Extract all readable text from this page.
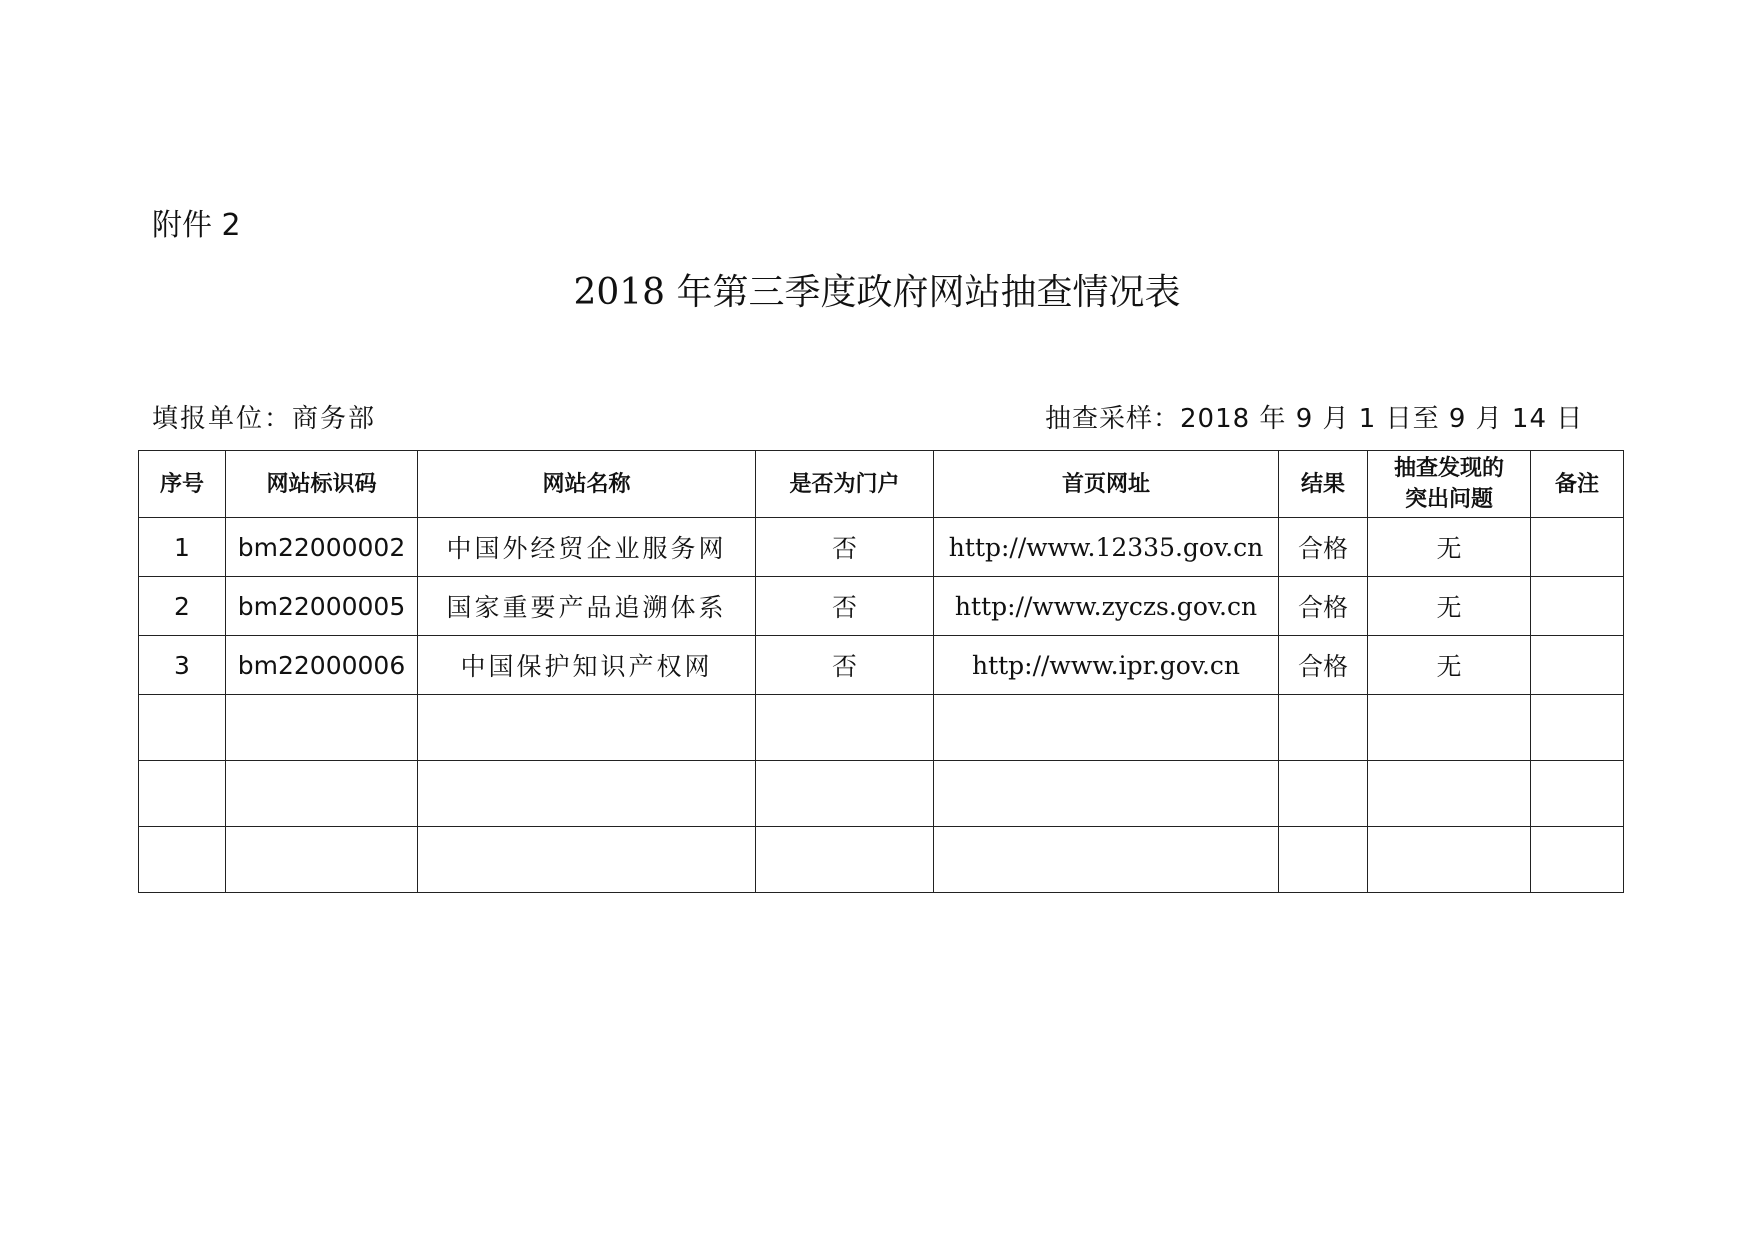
附件 2
2018 年第三季度政府网站抽查情况表
填报单位：商务部	抽查采样：2018 年 9 月 1 日至 9 月 14 日
序号	网站标识码	网站名称	是否为门户	首页网址	结果	抽查发现的突出问题	备注
1	bm22000002	中国外经贸企业服务网	否	http://www.12335.gov.cn	合格	无	
2	bm22000005	国家重要产品追溯体系	否	http://www.zyczs.gov.cn	合格	无	
3	bm22000006	中国保护知识产权网	否	http://www.ipr.gov.cn	合格	无	
